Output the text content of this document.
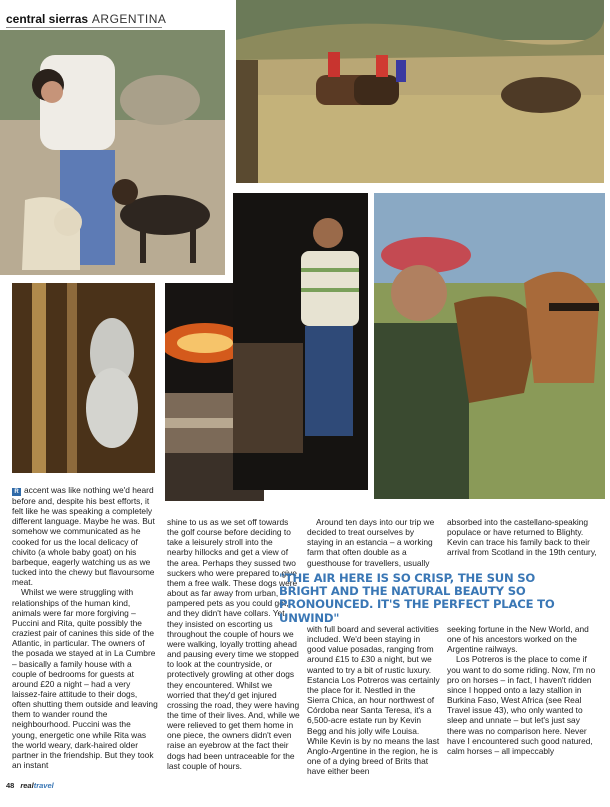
central sierras ARGENTINA

R accent was like nothing we'd heard before and, despite his best efforts, it felt like he was speaking a completely different language. Maybe he was. But somehow we communicated as he cooked for us the local delicacy of chivito (a whole baby goat) on his barbeque, eagerly watching us as we tucked into the chewy but flavoursome meat.

Whilst we were struggling with relationships of the human kind, animals were far more forgiving – Puccini and Rita, quite possibly the craziest pair of canines this side of the Atlantic, in particular. The owners of the posada we stayed at in La Cumbre – basically a family house with a couple of bedrooms for guests at around £20 a night – had a very laissez-faire attitude to their dogs, often shutting them outside and leaving them to wander round the neighbourhood. Puccini was the young, energetic one while Rita was the world weary, dark-haired older partner in the friendship. But they took an instant

shine to us as we set off towards the golf course before deciding to take a leisurely stroll into the nearby hillocks and get a view of the area. Perhaps they sussed two suckers who were prepared to give them a free walk. These dogs were about as far away from urban, pampered pets as you could get, and they didn't have collars. Yet, they insisted on escorting us throughout the couple of hours we were walking, loyally trotting ahead and pausing every time we stopped to look at the countryside, or protectively growling at other dogs they encountered. Whilst we worried that they'd get injured crossing the road, they were having the time of their lives. And, while we were relieved to get them home in one piece, the owners didn't even raise an eyebrow at the fact their dogs had been untraceable for the last couple of hours.

Around ten days into our trip we decided to treat ourselves by staying in an estancia – a working farm that often double as a guesthouse for travellers, usually

absorbed into the castellano-speaking populace or have returned to Blighty. Kevin can trace his family back to their arrival from Scotland in the 19th century,

"THE AIR HERE IS SO CRISP, THE SUN SO BRIGHT AND THE NATURAL BEAUTY SO PRONOUNCED. IT'S THE PERFECT PLACE TO UNWIND"

with full board and several activities included. We'd been staying in good value posadas, ranging from around £15 to £30 a night, but we wanted to try a bit of rustic luxury. Estancia Los Potreros was certainly the place for it. Nestled in the Sierra Chica, an hour northwest of Córdoba near Santa Teresa, it's a 6,500-acre estate run by Kevin Begg and his jolly wife Louisa. While Kevin is by no means the last Anglo-Argentine in the region, he is one of a dying breed of Brits that have either been

seeking fortune in the New World, and one of his ancestors worked on the Argentine railways.

Los Potreros is the place to come if you want to do some riding. Now, I'm no pro on horses – in fact, I haven't ridden since I hopped onto a lazy stallion in Burkina Faso, West Africa (see Real Travel issue 43), who only wanted to sleep and unnate – but let's just say there was no comparison here. Never have I encountered such good natured, calm horses – all impeccably

48 realtravel
